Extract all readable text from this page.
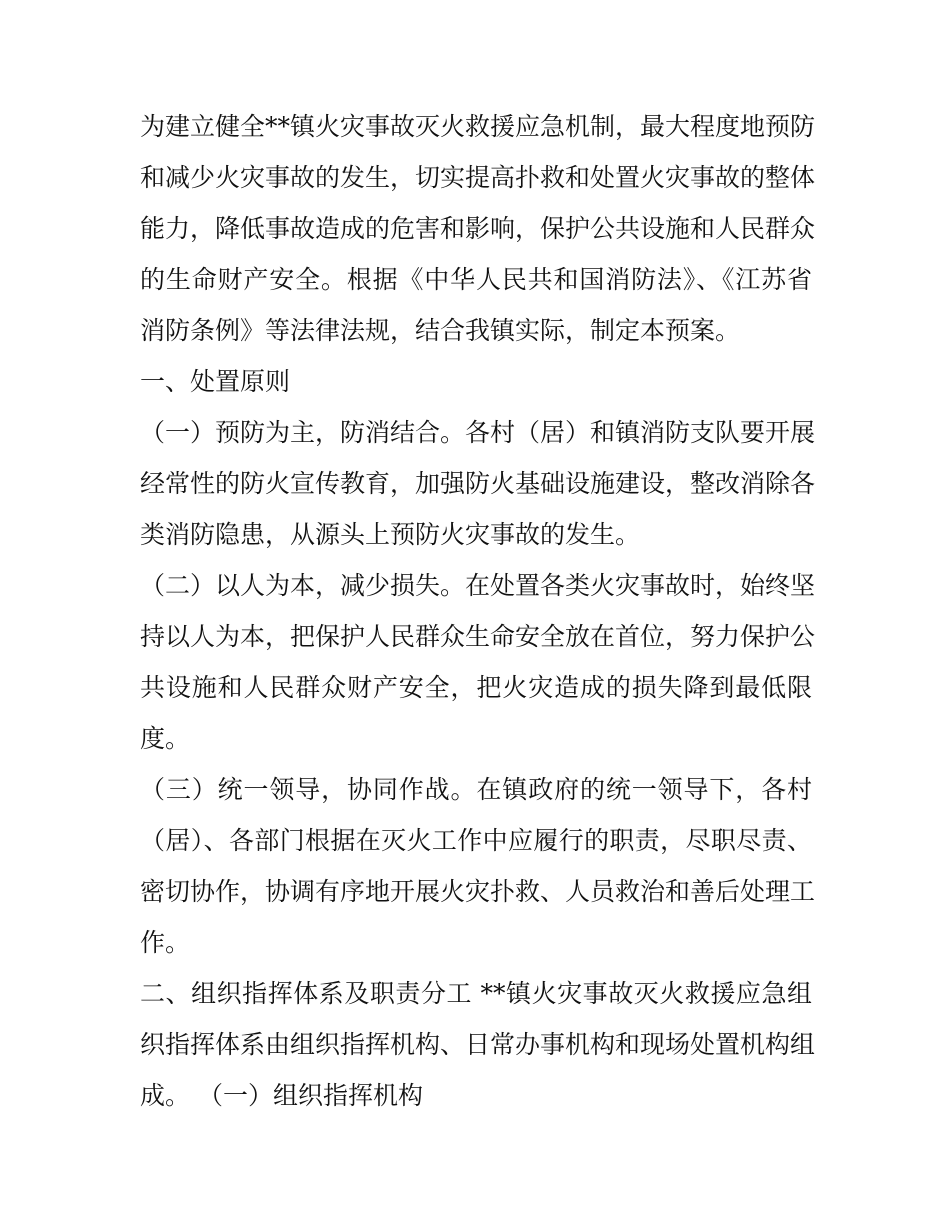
为建立健全**镇火灾事故灭火救援应急机制，最大程度地预防
和减少火灾事故的发生，切实提高扑救和处置火灾事故的整体
能力，降低事故造成的危害和影响，保护公共设施和人民群众
的生命财产安全。根据《中华人民共和国消防法》、《江苏省
消防条例》等法律法规，结合我镇实际，制定本预案。
一、处置原则
（一）预防为主，防消结合。各村（居）和镇消防支队要开展
经常性的防火宣传教育，加强防火基础设施建设，整改消除各
类消防隐患，从源头上预防火灾事故的发生。
（二）以人为本，减少损失。在处置各类火灾事故时，始终坚
持以人为本，把保护人民群众生命安全放在首位，努力保护公
共设施和人民群众财产安全，把火灾造成的损失降到最低限
度。
（三）统一领导，协同作战。在镇政府的统一领导下，各村
（居）、各部门根据在灭火工作中应履行的职责，尽职尽责、
密切协作，协调有序地开展火灾扑救、人员救治和善后处理工
作。
二、组织指挥体系及职责分工 **镇火灾事故灭火救援应急组
织指挥体系由组织指挥机构、日常办事机构和现场处置机构组
成。 （一）组织指挥机构
